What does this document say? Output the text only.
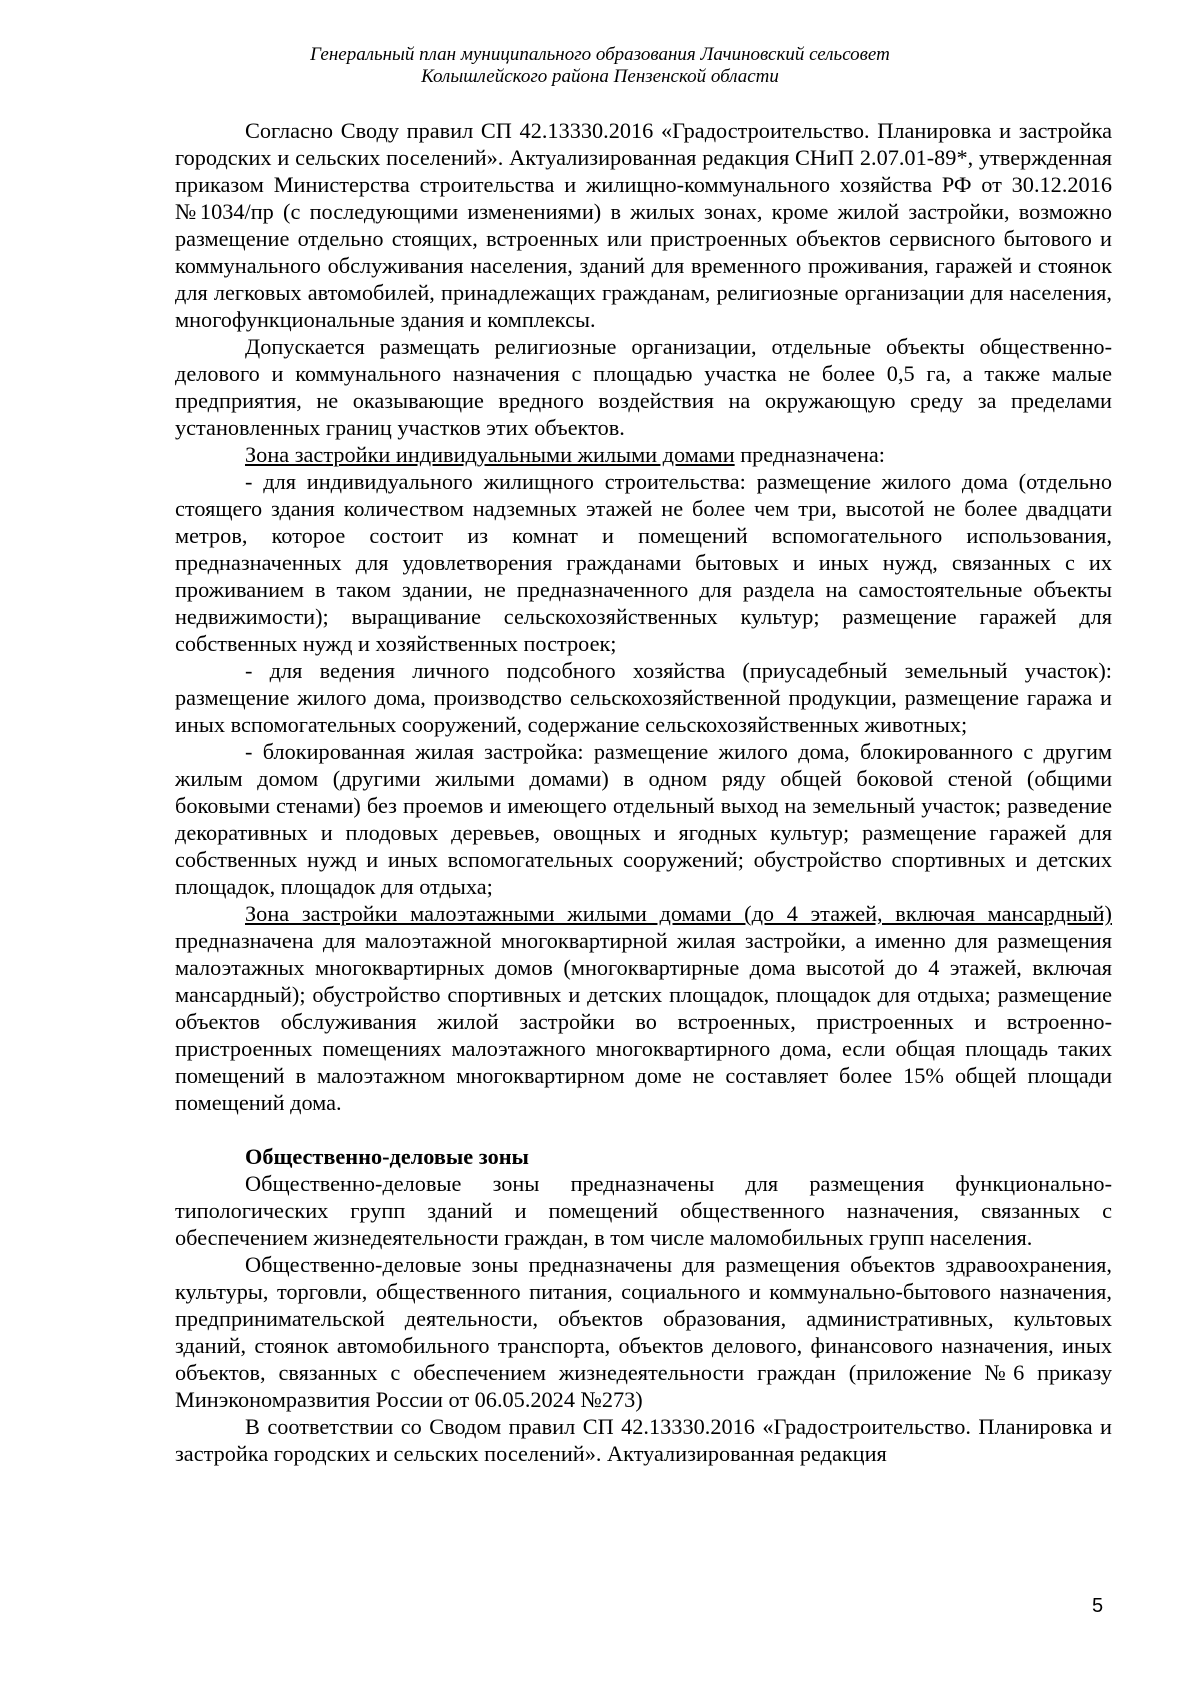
Генеральный план муниципального образования Лачиновский сельсовет
Колышлейского района Пензенской области

Согласно Своду правил СП 42.13330.2016 «Градостроительство. Планировка и застройка городских и сельских поселений». Актуализированная редакция СНиП 2.07.01-89*, утвержденная приказом Министерства строительства и жилищно-коммунального хозяйства РФ от 30.12.2016 №1034/пр (с последующими изменениями) в жилых зонах, кроме жилой застройки, возможно размещение отдельно стоящих, встроенных или пристроенных объектов сервисного бытового и коммунального обслуживания населения, зданий для временного проживания, гаражей и стоянок для легковых автомобилей, принадлежащих гражданам, религиозные организации для населения, многофункциональные здания и комплексы.

Допускается размещать религиозные организации, отдельные объекты общественно-делового и коммунального назначения с площадью участка не более 0,5 га, а также малые предприятия, не оказывающие вредного воздействия на окружающую среду за пределами установленных границ участков этих объектов.

Зона застройки индивидуальными жилыми домами предназначена:

- для индивидуального жилищного строительства: размещение жилого дома (отдельно стоящего здания количеством надземных этажей не более чем три, высотой не более двадцати метров, которое состоит из комнат и помещений вспомогательного использования, предназначенных для удовлетворения гражданами бытовых и иных нужд, связанных с их проживанием в таком здании, не предназначенного для раздела на самостоятельные объекты недвижимости); выращивание сельскохозяйственных культур; размещение гаражей для собственных нужд и хозяйственных построек;

- для ведения личного подсобного хозяйства (приусадебный земельный участок): размещение жилого дома, производство сельскохозяйственной продукции, размещение гаража и иных вспомогательных сооружений, содержание сельскохозяйственных животных;

- блокированная жилая застройка: размещение жилого дома, блокированного с другим жилым домом (другими жилыми домами) в одном ряду общей боковой стеной (общими боковыми стенами) без проемов и имеющего отдельный выход на земельный участок; разведение декоративных и плодовых деревьев, овощных и ягодных культур; размещение гаражей для собственных нужд и иных вспомогательных сооружений; обустройство спортивных и детских площадок, площадок для отдыха;

Зона застройки малоэтажными жилыми домами (до 4 этажей, включая мансардный) предназначена для малоэтажной многоквартирной жилая застройки, а именно для размещения малоэтажных многоквартирных домов (многоквартирные дома высотой до 4 этажей, включая мансардный); обустройство спортивных и детских площадок, площадок для отдыха; размещение объектов обслуживания жилой застройки во встроенных, пристроенных и встроенно-пристроенных помещениях малоэтажного многоквартирного дома, если общая площадь таких помещений в малоэтажном многоквартирном доме не составляет более 15% общей площади помещений дома.

Общественно-деловые зоны

Общественно-деловые зоны предназначены для размещения функционально-типологических групп зданий и помещений общественного назначения, связанных с обеспечением жизнедеятельности граждан, в том числе маломобильных групп населения.

Общественно-деловые зоны предназначены для размещения объектов здравоохранения, культуры, торговли, общественного питания, социального и коммунально-бытового назначения, предпринимательской деятельности, объектов образования, административных, культовых зданий, стоянок автомобильного транспорта, объектов делового, финансового назначения, иных объектов, связанных с обеспечением жизнедеятельности граждан (приложение №6 приказу Минэкономразвития России от 06.05.2024 №273)

В соответствии со Сводом правил СП 42.13330.2016 «Градостроительство. Планировка и застройка городских и сельских поселений». Актуализированная редакция

5
